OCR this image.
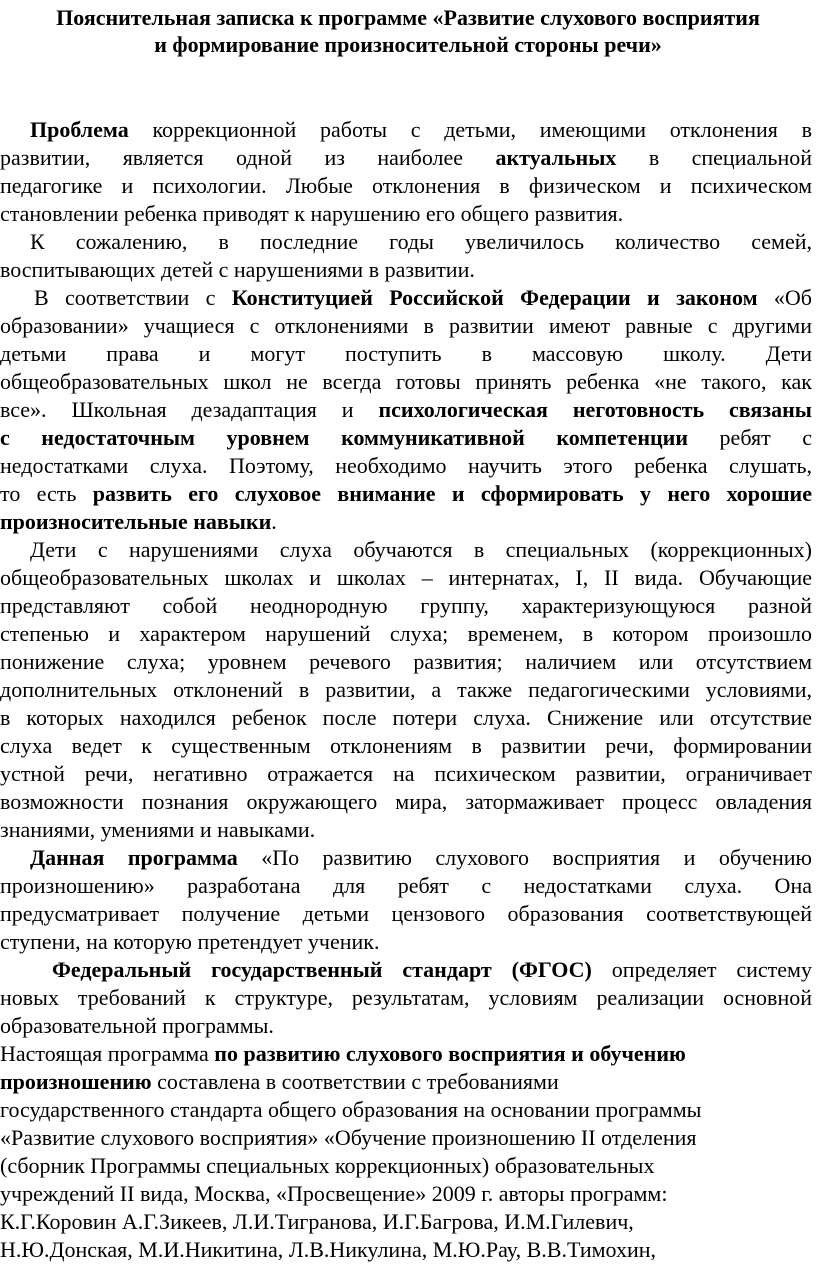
Пояснительная записка к программе «Развитие слухового восприятия
и формирование произносительной стороны речи»
Проблема коррекционной работы с детьми, имеющими отклонения в
развитии, является одной из наиболее актуальных в специальной
педагогике и психологии. Любые отклонения в физическом и психическом
становлении ребенка приводят к нарушению его общего развития.
К сожалению, в последние годы увеличилось количество семей,
воспитывающих детей с нарушениями в развитии.
В соответствии с Конституцией Российской Федерации и законом «Об
образовании» учащиеся с отклонениями в развитии имеют равные с другими
детьми права и могут поступить в массовую школу. Дети
общеобразовательных школ не всегда готовы принять ребенка «не такого, как
все». Школьная дезадаптация и психологическая неготовность связаны
с недостаточным уровнем коммуникативной компетенции ребят с
недостатками слуха. Поэтому, необходимо научить этого ребенка слушать,
то есть развить его слуховое внимание и сформировать у него хорошие
произносительные навыки.
Дети с нарушениями слуха обучаются в специальных (коррекционных)
общеобразовательных школах и школах – интернатах, I, II вида. Обучающие
представляют собой неоднородную группу, характеризующуюся разной
степенью и характером нарушений слуха; временем, в котором произошло
понижение слуха; уровнем речевого развития; наличием или отсутствием
дополнительных отклонений в развитии, а также педагогическими условиями,
в которых находился ребенок после потери слуха. Снижение или отсутствие
слуха ведет к существенным отклонениям в развитии речи, формировании
устной речи, негативно отражается на психическом развитии, ограничивает
возможности познания окружающего мира, затормаживает процесс овладения
знаниями, умениями и навыками.
Данная программа «По развитию слухового восприятия и обучению
произношению» разработана для ребят с недостатками слуха. Она
предусматривает получение детьми цензового образования соответствующей
ступени, на которую претендует ученик.
Федеральный государственный стандарт (ФГОС) определяет систему
новых требований к структуре, результатам, условиям реализации основной
образовательной программы.
Настоящая программа по развитию слухового восприятия и обучению
произношению составлена в соответствии с требованиями
государственного стандарта общего образования на основании программы
«Развитие слухового восприятия» «Обучение произношению II отделения
(сборник Программы специальных коррекционных) образовательных
учреждений II вида, Москва, «Просвещение» 2009 г. авторы программ:
К.Г.Коровин А.Г.Зикеев, Л.И.Тигранова, И.Г.Багрова, И.М.Гилевич,
Н.Ю.Донская, М.И.Никитина, Л.В.Никулина, М.Ю.Рау, В.В.Тимохин,
